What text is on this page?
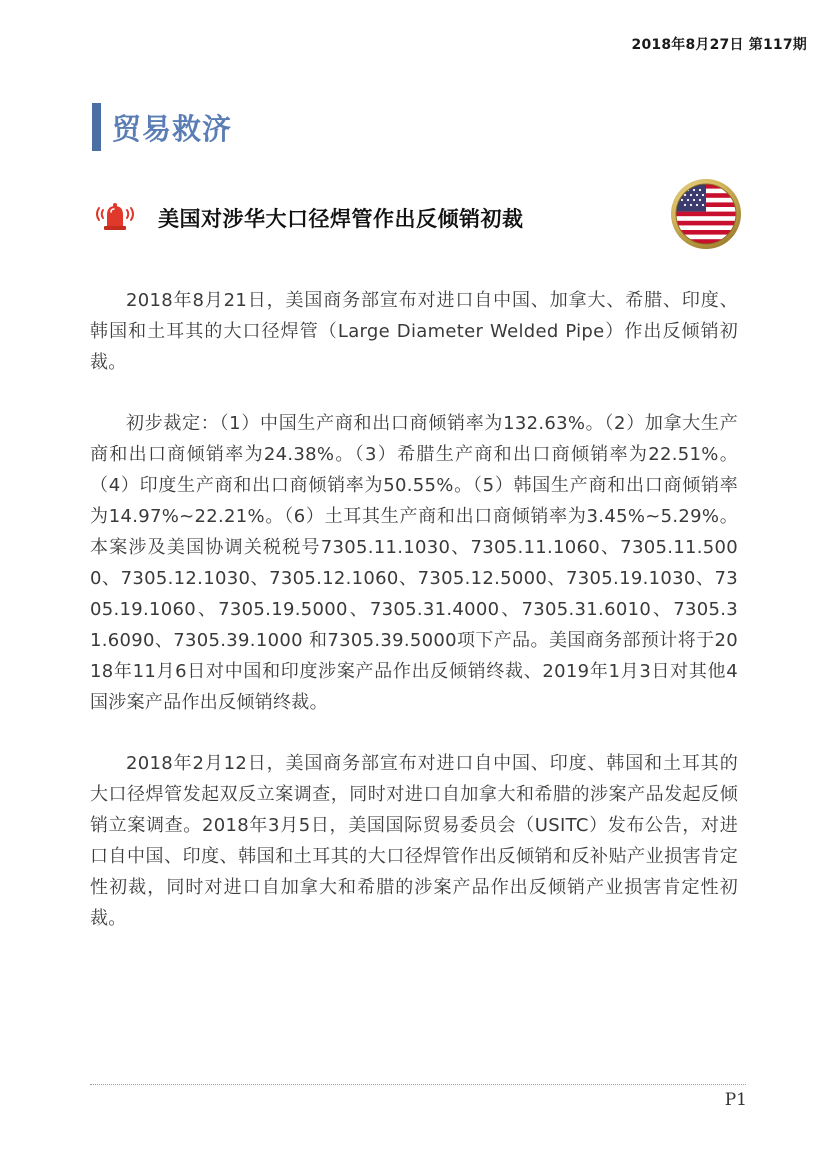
2018年8月27日 第117期
贸易救济
美国对涉华大口径焊管作出反倾销初裁

2018年8月21日，美国商务部宣布对进口自中国、加拿大、希腊、印度、韩国和土耳其的大口径焊管（Large Diameter Welded Pipe）作出反倾销初裁。

初步裁定：（1）中国生产商和出口商倾销率为132.63%。（2）加拿大生产商和出口商倾销率为24.38%。（3）希腊生产商和出口商倾销率为22.51%。（4）印度生产商和出口商倾销率为50.55%。（5）韩国生产商和出口商倾销率为14.97%~22.21%。（6）土耳其生产商和出口商倾销率为3.45%~5.29%。本案涉及美国协调关税税号7305.11.1030、7305.11.1060、7305.11.5000、7305.12.1030、7305.12.1060、7305.12.5000、7305.19.1030、7305.19.1060、7305.19.5000、7305.31.4000、7305.31.6010、7305.31.6090、7305.39.1000 和7305.39.5000项下产品。美国商务部预计将于2018年11月6日对中国和印度涉案产品作出反倾销终裁、2019年1月3日对其他4国涉案产品作出反倾销终裁。

2018年2月12日，美国商务部宣布对进口自中国、印度、韩国和土耳其的大口径焊管发起双反立案调查，同时对进口自加拿大和希腊的涉案产品发起反倾销立案调查。2018年3月5日，美国国际贸易委员会（USITC）发布公告，对进口自中国、印度、韩国和土耳其的大口径焊管作出反倾销和反补贴产业损害肯定性初裁，同时对进口自加拿大和希腊的涉案产品作出反倾销产业损害肯定性初裁。

P1
